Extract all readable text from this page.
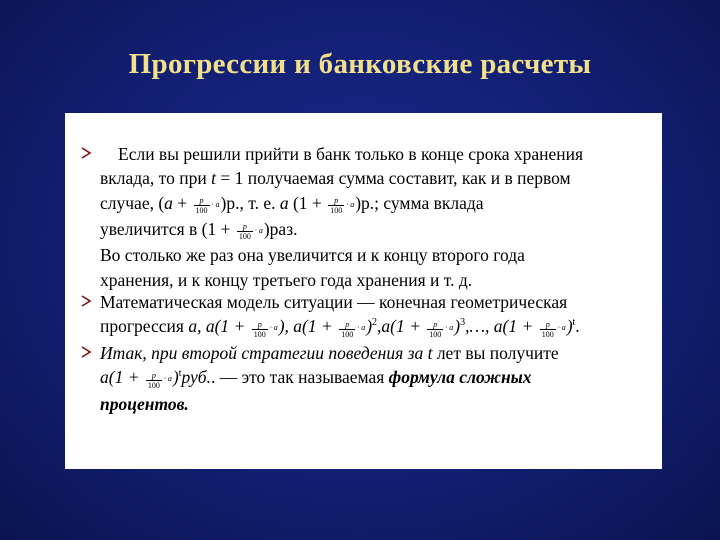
Прогрессии и банковские расчеты
Если вы решили прийти в банк только в конце срока хранения
вклада, то при t = 1 получаемая сумма составит, как и в первом
случае, $(a + \frac{p}{100} \cdot a)р$., т. е. a $(1 + \frac{p}{100} \cdot a)р$.; сумма вклада
увеличится в $(1 + \frac{p}{100} \cdot a)раз$.
Во столько же раз она увеличится и к концу второго года
хранения, и к концу третьего года хранения и т. д.
Математическая модель ситуации — конечная геометрическая
прогрессия a, $a(1 + \frac{p}{100} \cdot a)$, $a(1 + \frac{p}{100} \cdot a)^2,a(1 + \frac{p}{100}$ · $a)^3,\dots$, $a(1 + \frac{p}{100} \cdot a)^t$.
Итак, при второй стратегии поведения за t лет вы получите
$a(1 + \frac{p}{100} \cdot a)^tруб$.. — это так называемая формула сложных
процентов.
